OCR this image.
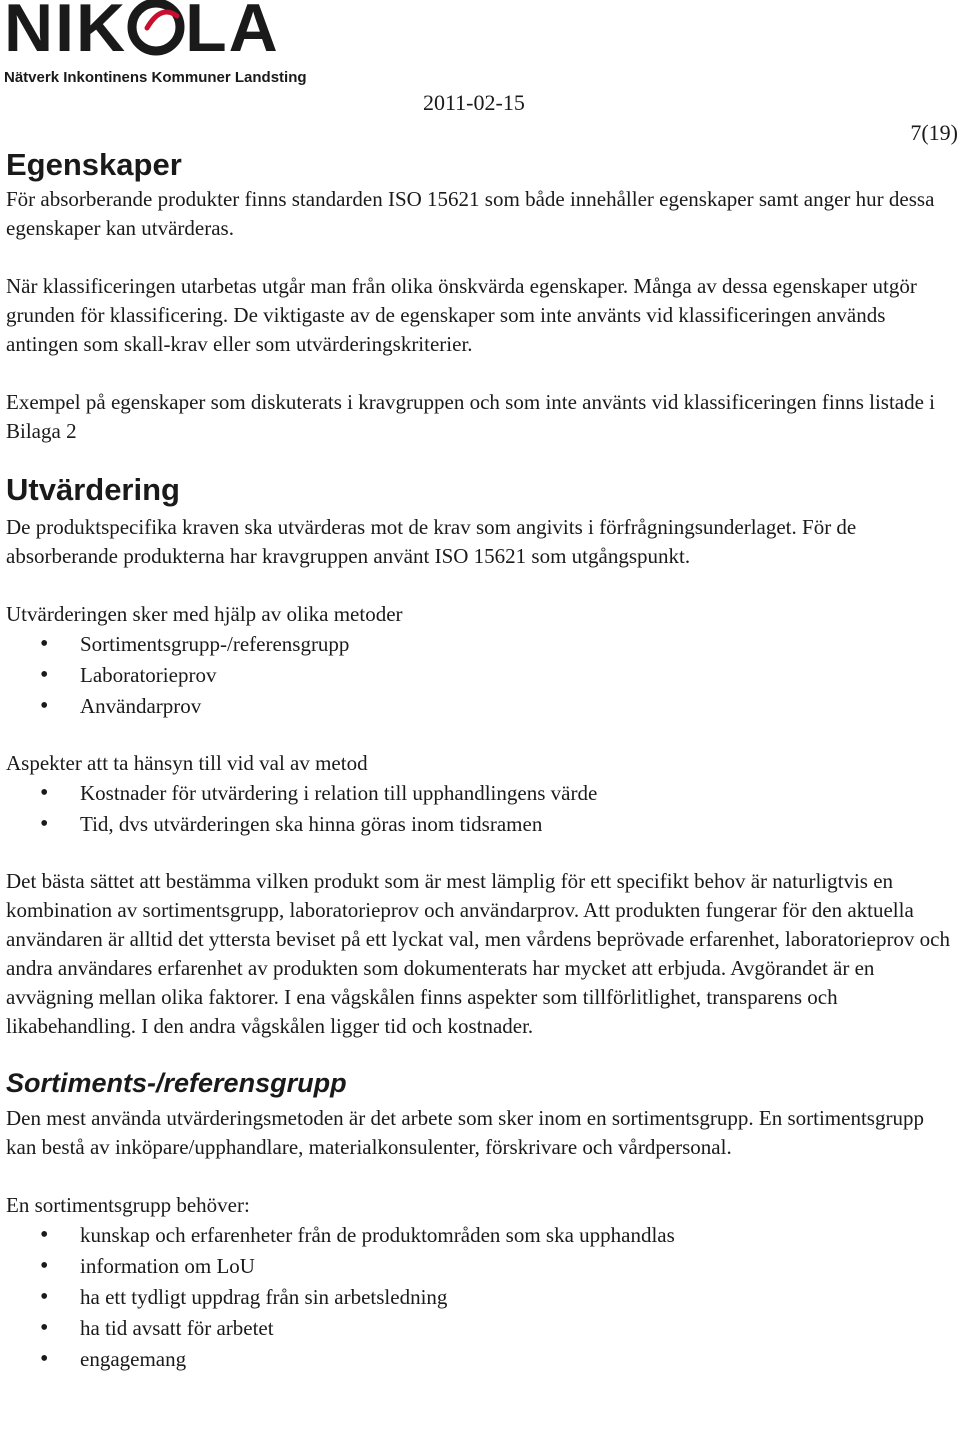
NIK LA
Nätverk Inkontinens Kommuner Landsting
2011-02-15
7(19)
Egenskaper

För absorberande produkter finns standarden ISO 15621 som både innehåller egenskaper samt anger hur dessa egenskaper kan utvärderas.

När klassificeringen utarbetas utgår man från olika önskvärda egenskaper. Många av dessa egenskaper utgör grunden för klassificering. De viktigaste av de egenskaper som inte använts vid klassificeringen används antingen som skall-krav eller som utvärderingskriterier.

Exempel på egenskaper som diskuterats i kravgruppen och som inte använts vid klassificeringen finns listade i Bilaga 2

Utvärdering

De produktspecifika kraven ska utvärderas mot de krav som angivits i förfrågningsunderlaget. För de absorberande produkterna har kravgruppen använt ISO 15621 som utgångspunkt.

Utvärderingen sker med hjälp av olika metoder

• Sortimentsgrupp-/referensgrupp
• Laboratorieprov
• Användarprov

Aspekter att ta hänsyn till vid val av metod

• Kostnader för utvärdering i relation till upphandlingens värde
• Tid, dvs utvärderingen ska hinna göras inom tidsramen

Det bästa sättet att bestämma vilken produkt som är mest lämplig för ett specifikt behov är naturligtvis en kombination av sortimentsgrupp, laboratorieprov och användarprov. Att produkten fungerar för den aktuella användaren är alltid det yttersta beviset på ett lyckat val, men vårdens beprövade erfarenhet, laboratorieprov och andra användares erfarenhet av produkten som dokumenterats har mycket att erbjuda. Avgörandet är en avvägning mellan olika faktorer. I ena vågskålen finns aspekter som tillförlitlighet, transparens och likabehandling. I den andra vågskålen ligger tid och kostnader.

Sortiments-/referensgrupp

Den mest använda utvärderingsmetoden är det arbete som sker inom en sortimentsgrupp. En sortimentsgrupp kan bestå av inköpare/upphandlare, materialkonsulenter, förskrivare och vårdpersonal.

En sortimentsgrupp behöver:

• kunskap och erfarenheter från de produktområden som ska upphandlas
• information om LoU
• ha ett tydligt uppdrag från sin arbetsledning
• ha tid avsatt för arbetet
• engagemang
